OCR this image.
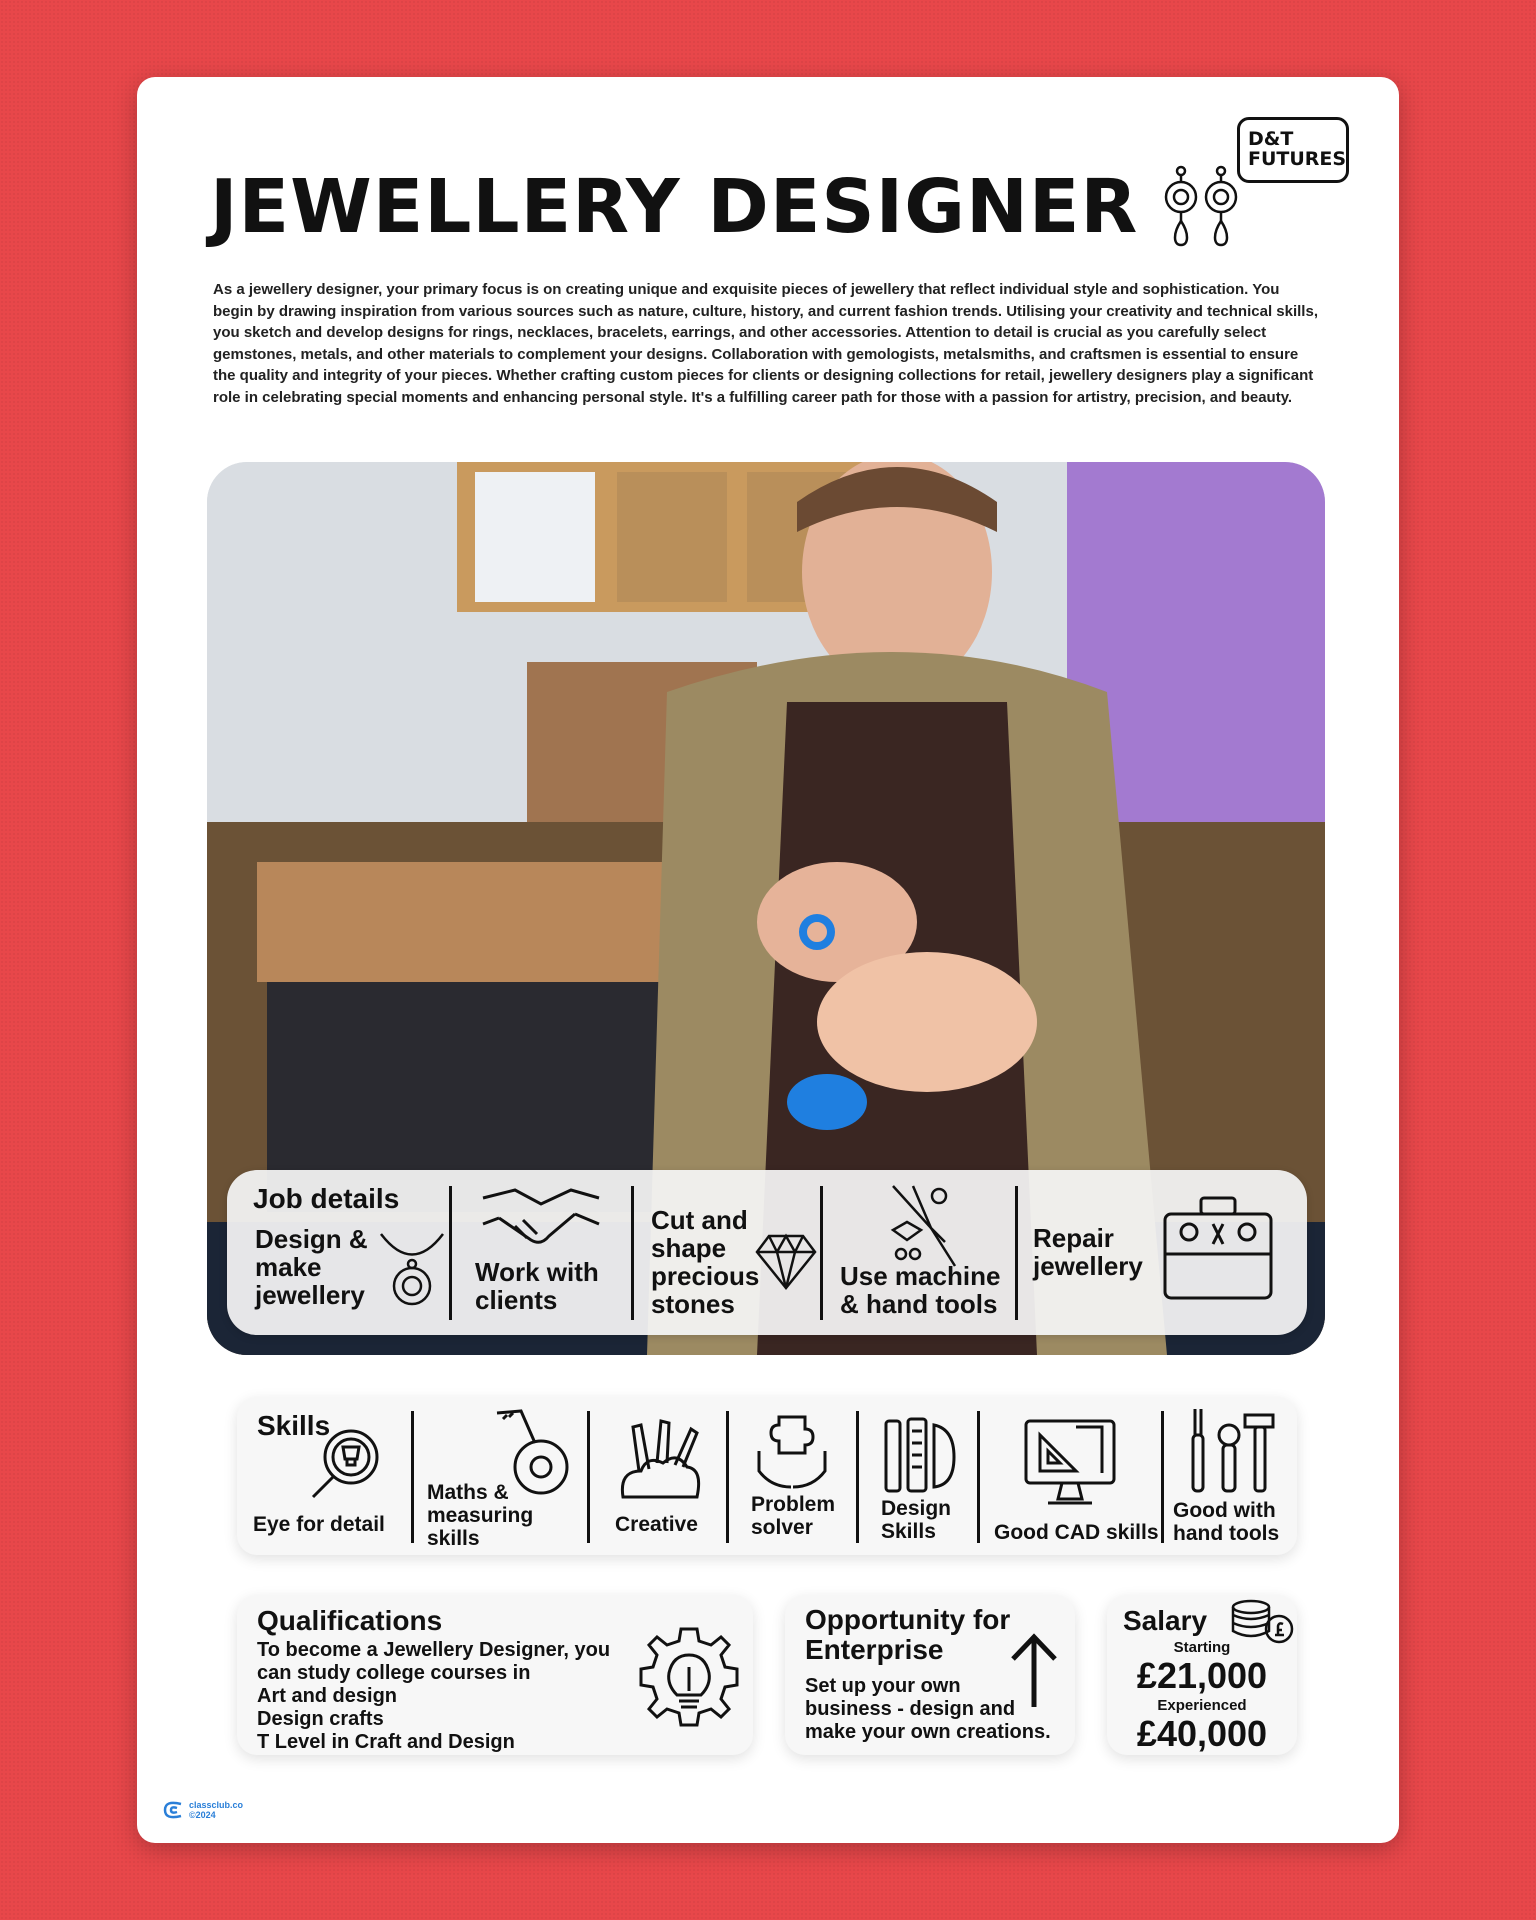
JEWELLERY DESIGNER
D&T
FUTURES

As a jewellery designer, your primary focus is on creating unique and exquisite pieces of jewellery that reflect individual style and sophistication. You begin by drawing inspiration from various sources such as nature, culture, history, and current fashion trends. Utilising your creativity and technical skills, you sketch and develop designs for rings, necklaces, bracelets, earrings, and other accessories. Attention to detail is crucial as you carefully select gemstones, metals, and other materials to complement your designs. Collaboration with gemologists, metalsmiths, and craftsmen is essential to ensure the quality and integrity of your pieces. Whether crafting custom pieces for clients or designing collections for retail, jewellery designers play a significant role in celebrating special moments and enhancing personal style. It's a fulfilling career path for those with a passion for artistry, precision, and beauty.

Job details
Design &
make
jewellery
Work with
clients
Cut and
shape
precious
stones
Use machine
& hand tools
Repair
jewellery
Skills
Eye for detail
Maths &
measuring
skills
Creative
Problem
solver
Design
Skills	Good CAD skills
Good with
hand tools
Qualifications
To become a Jewellery Designer, you
can study college courses in
Art and design
Design crafts
T Level in Craft and Design
Opportunity for
Enterprise
Set up your own
business - design and
make your own creations.
Salary
Starting
£21,000
Experienced
£40,000
classclub.co
©2024
